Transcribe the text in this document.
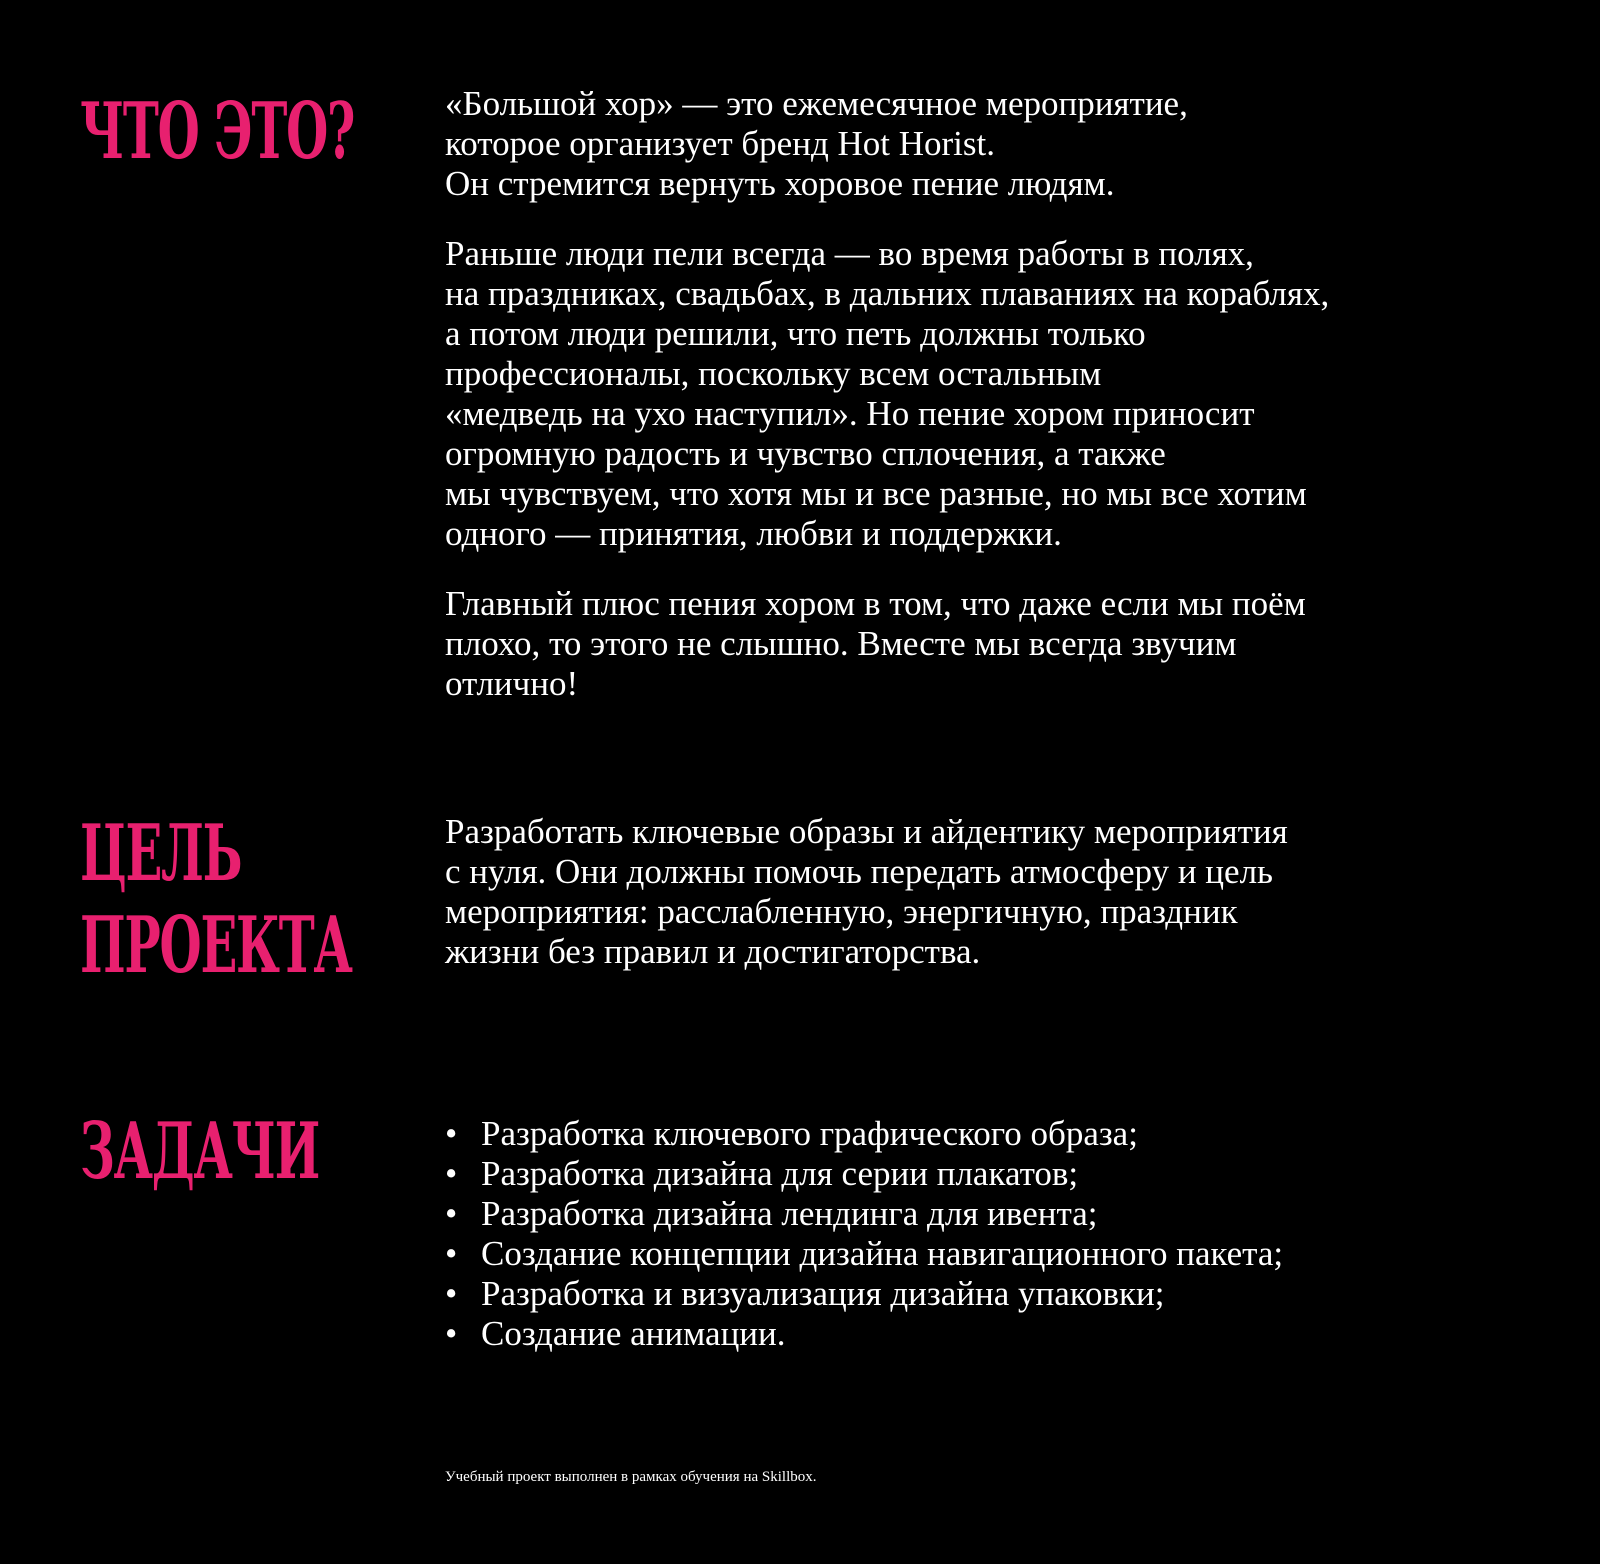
ЧТО ЭТО?	«Большой хор» — это ежемесячное мероприятие,
которое организует бренд Hot Horist.
Он стремится вернуть хоровое пение людям.

Раньше люди пели всегда — во время работы в полях,
на праздниках, свадьбах, в дальних плаваниях на кораблях,
а потом люди решили, что петь должны только
профессионалы, поскольку всем остальным
«медведь на ухо наступил». Но пение хором приносит
огромную радость и чувство сплочения, а также
мы чувствуем, что хотя мы и все разные, но мы все хотим
одного — принятия, любви и поддержки.

Главный плюс пения хором в том, что даже если мы поём
плохо, то этого не слышно. Вместе мы всегда звучим
отлично!

ЦЕЛЬ
ПРОЕКТА

Разработать ключевые образы и айдентику мероприятия
с нуля. Они должны помочь передать атмосферу и цель
мероприятия: расслабленную, энергичную, праздник
жизни без правил и достигаторства.

ЗАДАЧИ	• Разработка ключевого графического образа;
• Разработка дизайна для серии плакатов;
• Разработка дизайна лендинга для ивента;
• Создание концепции дизайна навигационного пакета;
• Разработка и визуализация дизайна упаковки;
• Создание анимации.
Учебный проект выполнен в рамках обучения на Skillbox.
